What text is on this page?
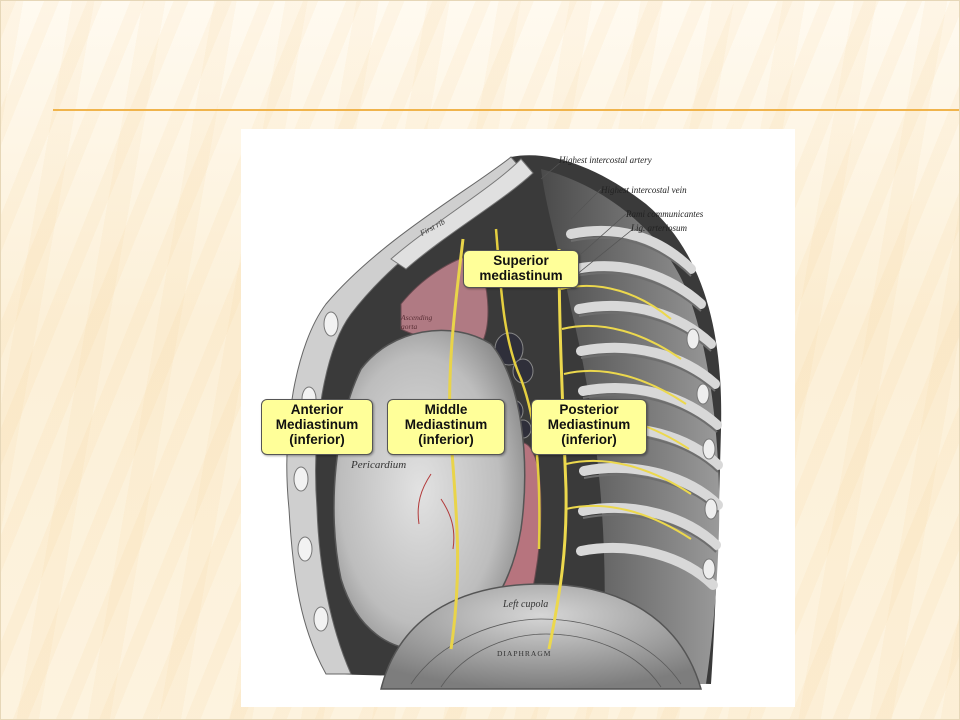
Highest intercostal artery
Highest intercostal vein
Rami communicantes
Lig. arteriosum
First rib
Ascending
aorta
Pericardium
Left cupola
DIAPHRAGM
Superior
mediastinum
Anterior
Mediastinum
(inferior)
Middle
Mediastinum
(inferior)
Posterior
Mediastinum
(inferior)
